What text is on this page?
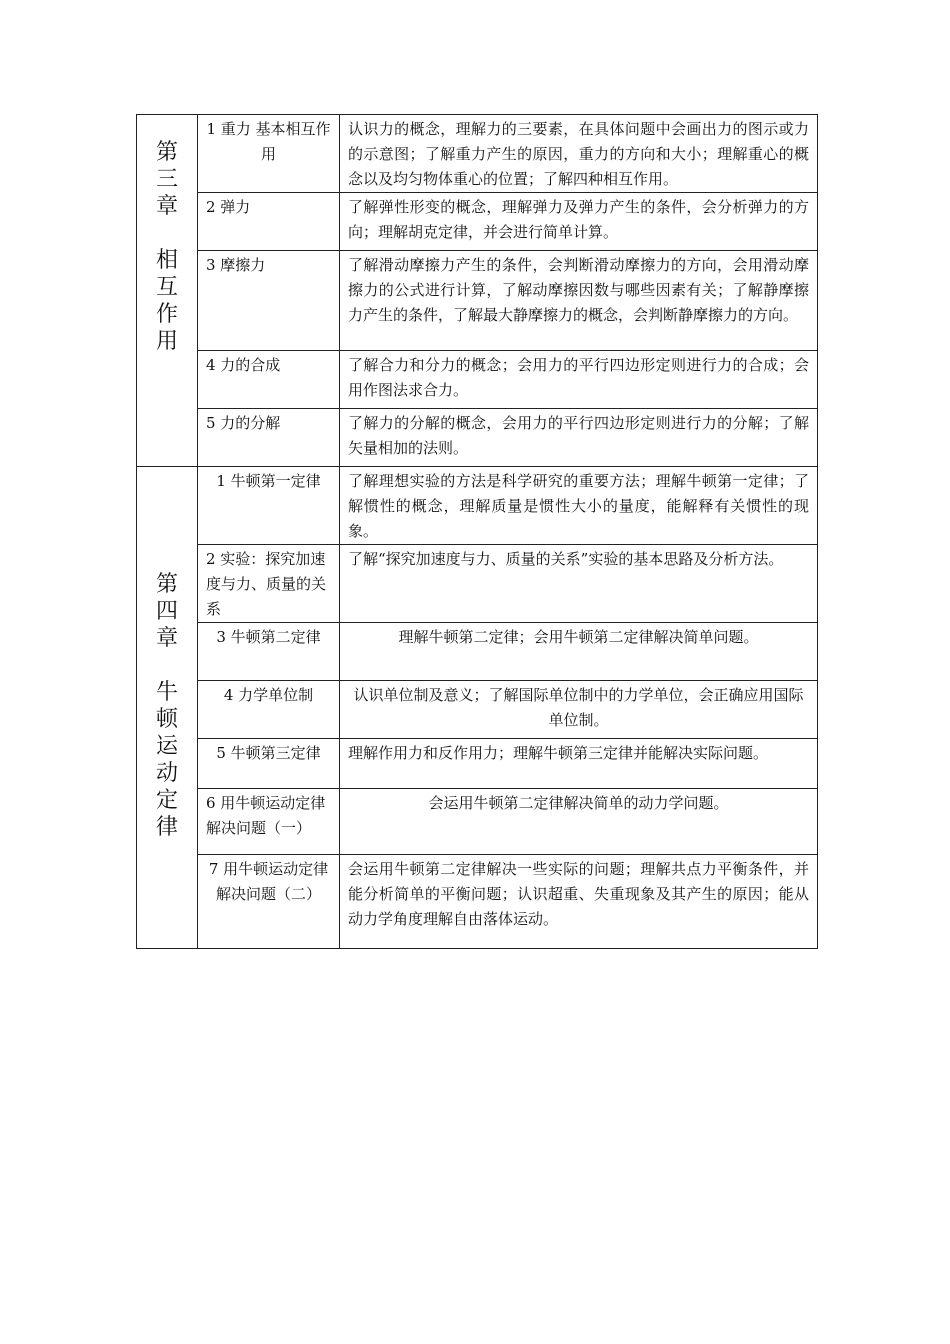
第三章
相互作用	1 重力 基本相互作用	认识力的概念，理解力的三要素，在具体问题中会画出力的图示或力的示意图；了解重力产生的原因，重力的方向和大小；理解重心的概念以及均匀物体重心的位置；了解四种相互作用。
	2 弹力	了解弹性形变的概念，理解弹力及弹力产生的条件，会分析弹力的方向；理解胡克定律，并会进行简单计算。
	3 摩擦力	了解滑动摩擦力产生的条件，会判断滑动摩擦力的方向，会用滑动摩擦力的公式进行计算，了解动摩擦因数与哪些因素有关；了解静摩擦力产生的条件，了解最大静摩擦力的概念，会判断静摩擦力的方向。
	4 力的合成	了解合力和分力的概念；会用力的平行四边形定则进行力的合成；会用作图法求合力。
	5 力的分解	了解力的分解的概念，会用力的平行四边形定则进行力的分解；了解矢量相加的法则。

第四章
牛顿运动定律	1 牛顿第一定律	了解理想实验的方法是科学研究的重要方法；理解牛顿第一定律；了解惯性的概念，理解质量是惯性大小的量度，能解释有关惯性的现象。
	2 实验：探究加速度与力、质量的关系	了解“探究加速度与力、质量的关系”实验的基本思路及分析方法。
	3 牛顿第二定律	理解牛顿第二定律；会用牛顿第二定律解决简单问题。
	4 力学单位制	认识单位制及意义；了解国际单位制中的力学单位，会正确应用国际单位制。
	5 牛顿第三定律	理解作用力和反作用力；理解牛顿第三定律并能解决实际问题。
	6 用牛顿运动定律解决问题（一）	会运用牛顿第二定律解决简单的动力学问题。
	7 用牛顿运动定律解决问题（二）	会运用牛顿第二定律解决一些实际的问题；理解共点力平衡条件，并能分析简单的平衡问题；认识超重、失重现象及其产生的原因；能从动力学角度理解自由落体运动。
